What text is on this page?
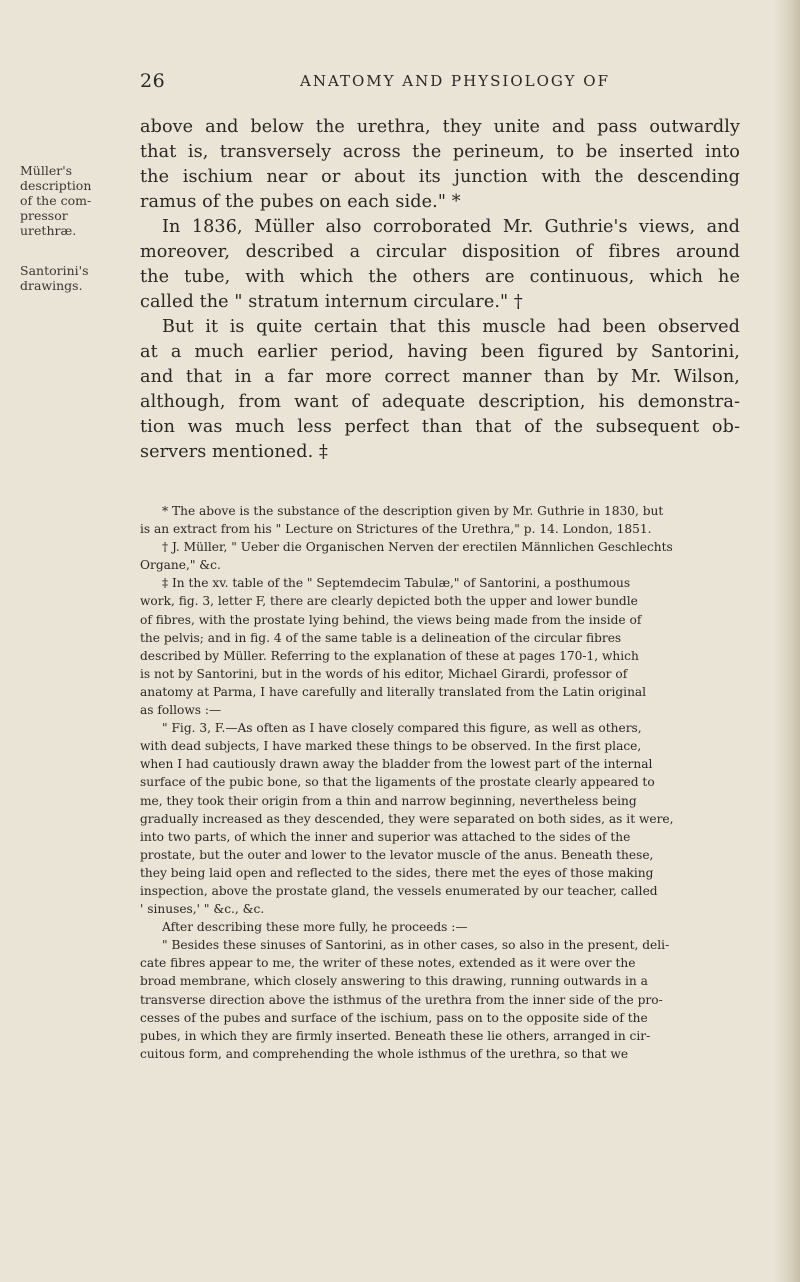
26	ANATOMY AND PHYSIOLOGY OF
Müller's
description
of the com-
pressor
urethræ.
Santorini's
drawings.
above and below the urethra, they unite and pass outwardly
that is, transversely across the perineum, to be inserted into
the ischium near or about its junction with the descending
ramus of the pubes on each side." *
In 1836, Müller also corroborated Mr. Guthrie's views, and
moreover, described a circular disposition of fibres around
the tube, with which the others are continuous, which he
called the " stratum internum circulare." †
But it is quite certain that this muscle had been observed
at a much earlier period, having been figured by Santorini,
and that in a far more correct manner than by Mr. Wilson,
although, from want of adequate description, his demonstra-
tion was much less perfect than that of the subsequent ob-
servers mentioned. ‡
* The above is the substance of the description given by Mr. Guthrie in 1830, but
is an extract from his " Lecture on Strictures of the Urethra," p. 14. London, 1851.
† J. Müller, " Ueber die Organischen Nerven der erectilen Männlichen Geschlechts
Organe," &c.
‡ In the xv. table of the " Septemdecim Tabulæ," of Santorini, a posthumous
work, fig. 3, letter F, there are clearly depicted both the upper and lower bundle
of fibres, with the prostate lying behind, the views being made from the inside of
the pelvis; and in fig. 4 of the same table is a delineation of the circular fibres
described by Müller. Referring to the explanation of these at pages 170-1, which
is not by Santorini, but in the words of his editor, Michael Girardi, professor of
anatomy at Parma, I have carefully and literally translated from the Latin original
as follows :—
" Fig. 3, F.—As often as I have closely compared this figure, as well as others,
with dead subjects, I have marked these things to be observed. In the first place,
when I had cautiously drawn away the bladder from the lowest part of the internal
surface of the pubic bone, so that the ligaments of the prostate clearly appeared to
me, they took their origin from a thin and narrow beginning, nevertheless being
gradually increased as they descended, they were separated on both sides, as it were,
into two parts, of which the inner and superior was attached to the sides of the
prostate, but the outer and lower to the levator muscle of the anus. Beneath these,
they being laid open and reflected to the sides, there met the eyes of those making
inspection, above the prostate gland, the vessels enumerated by our teacher, called
' sinuses,' " &c., &c.
After describing these more fully, he proceeds :—
" Besides these sinuses of Santorini, as in other cases, so also in the present, deli-
cate fibres appear to me, the writer of these notes, extended as it were over the
broad membrane, which closely answering to this drawing, running outwards in a
transverse direction above the isthmus of the urethra from the inner side of the pro-
cesses of the pubes and surface of the ischium, pass on to the opposite side of the
pubes, in which they are firmly inserted. Beneath these lie others, arranged in cir-
cuitous form, and comprehending the whole isthmus of the urethra, so that we
